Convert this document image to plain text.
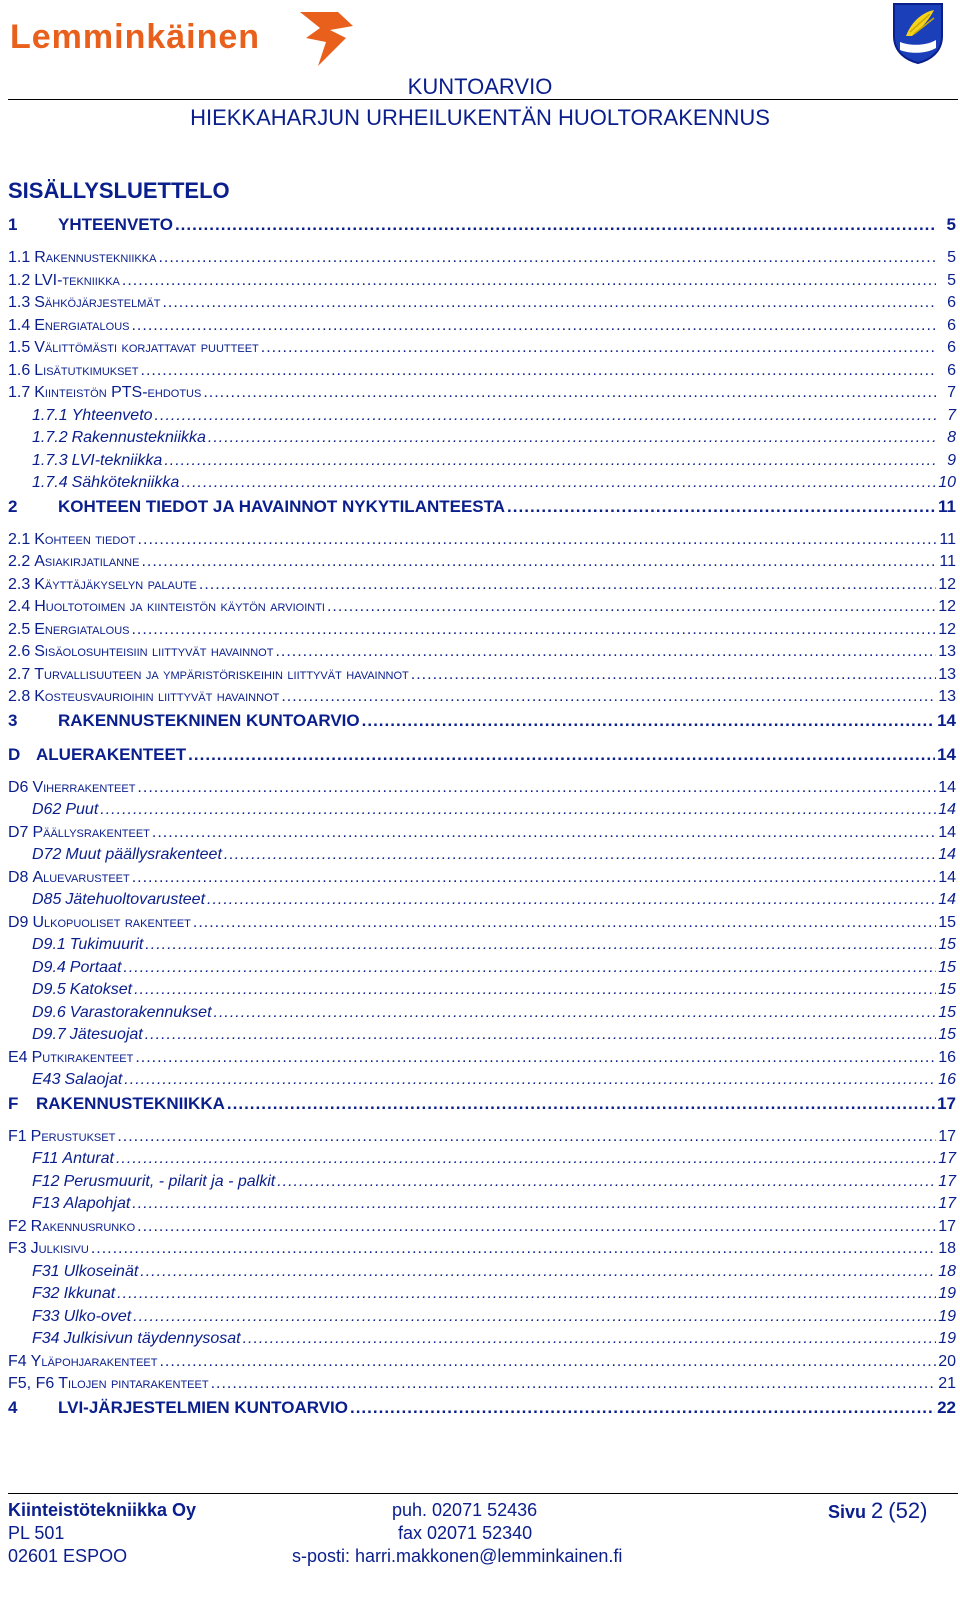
Lemminkäinen
KUNTOARVIO
HIEKKAHARJUN URHEILUKENTÄN HUOLTORAKENNUS
SISÄLLYSLUETTELO
1	YHTEENVETO .....	5
1.1 Rakennustekniikka .....	5
1.2 LVI-tekniikka .....	5
1.3 Sähköjärjestelmät .....	6
1.4 Energiatalous .....	6
1.5 Välittömästi korjattavat puutteet .....	6
1.6 Lisätutkimukset .....	6
1.7 Kiinteistön PTS-ehdotus .....	7
1.7.1 Yhteenveto .....	7
1.7.2 Rakennustekniikka .....	8
1.7.3 LVI-tekniikka .....	9
1.7.4 Sähkötekniikka .....	10
2	KOHTEEN TIEDOT JA HAVAINNOT NYKYTILANTEESTA .....	11
2.1 Kohteen tiedot .....	11
2.2 Asiakirjatilanne .....	11
2.3 Käyttäjäkyselyn palaute .....	12
2.4 Huoltotoimen ja kiinteistön käytön arviointi .....	12
2.5 Energiatalous .....	12
2.6 Sisäolosuhteisiin liittyvät havainnot .....	13
2.7 Turvallisuuteen ja ympäristöriskeihin liittyvät havainnot .....	13
2.8 Kosteusvaurioihin liittyvät havainnot .....	13
3	RAKENNUSTEKNINEN KUNTOARVIO .....	14
D ALUERAKENTEET .....	14
D6 Viherrakenteet .....	14
D62 Puut .....	14
D7 Päällysrakenteet .....	14
D72 Muut päällysrakenteet .....	14
D8 Aluevarusteet .....	14
D85 Jätehuoltovarusteet .....	14
D9 Ulkopuoliset rakenteet .....	15
D9.1 Tukimuurit .....	15
D9.4 Portaat .....	15
D9.5 Katokset .....	15
D9.6 Varastorakennukset .....	15
D9.7 Jätesuojat .....	15
E4 Putkirakenteet .....	16
E43 Salaojat .....	16
F	RAKENNUSTEKNIIKKA .....	17
F1 Perustukset .....	17
F11 Anturat .....	17
F12 Perusmuurit, - pilarit ja - palkit .....	17
F13 Alapohjat .....	17
F2 Rakennusrunko .....	17
F3 Julkisivu .....	18
F31 Ulkoseinät .....	18
F32 Ikkunat .....	19
F33 Ulko-ovet .....	19
F34 Julkisivun täydennysosat .....	19
F4 Yläpohjarakenteet .....	20
F5, F6 Tilojen pintarakenteet .....	21
4	LVI-JÄRJESTELMIEN KUNTOARVIO .....	22
Kiinteistötekniikka Oy
PL 501
02601 ESPOO
puh. 02071 52436
fax 02071 52340
s-posti: harri.makkonen@lemminkainen.fi
Sivu 2 (52)
